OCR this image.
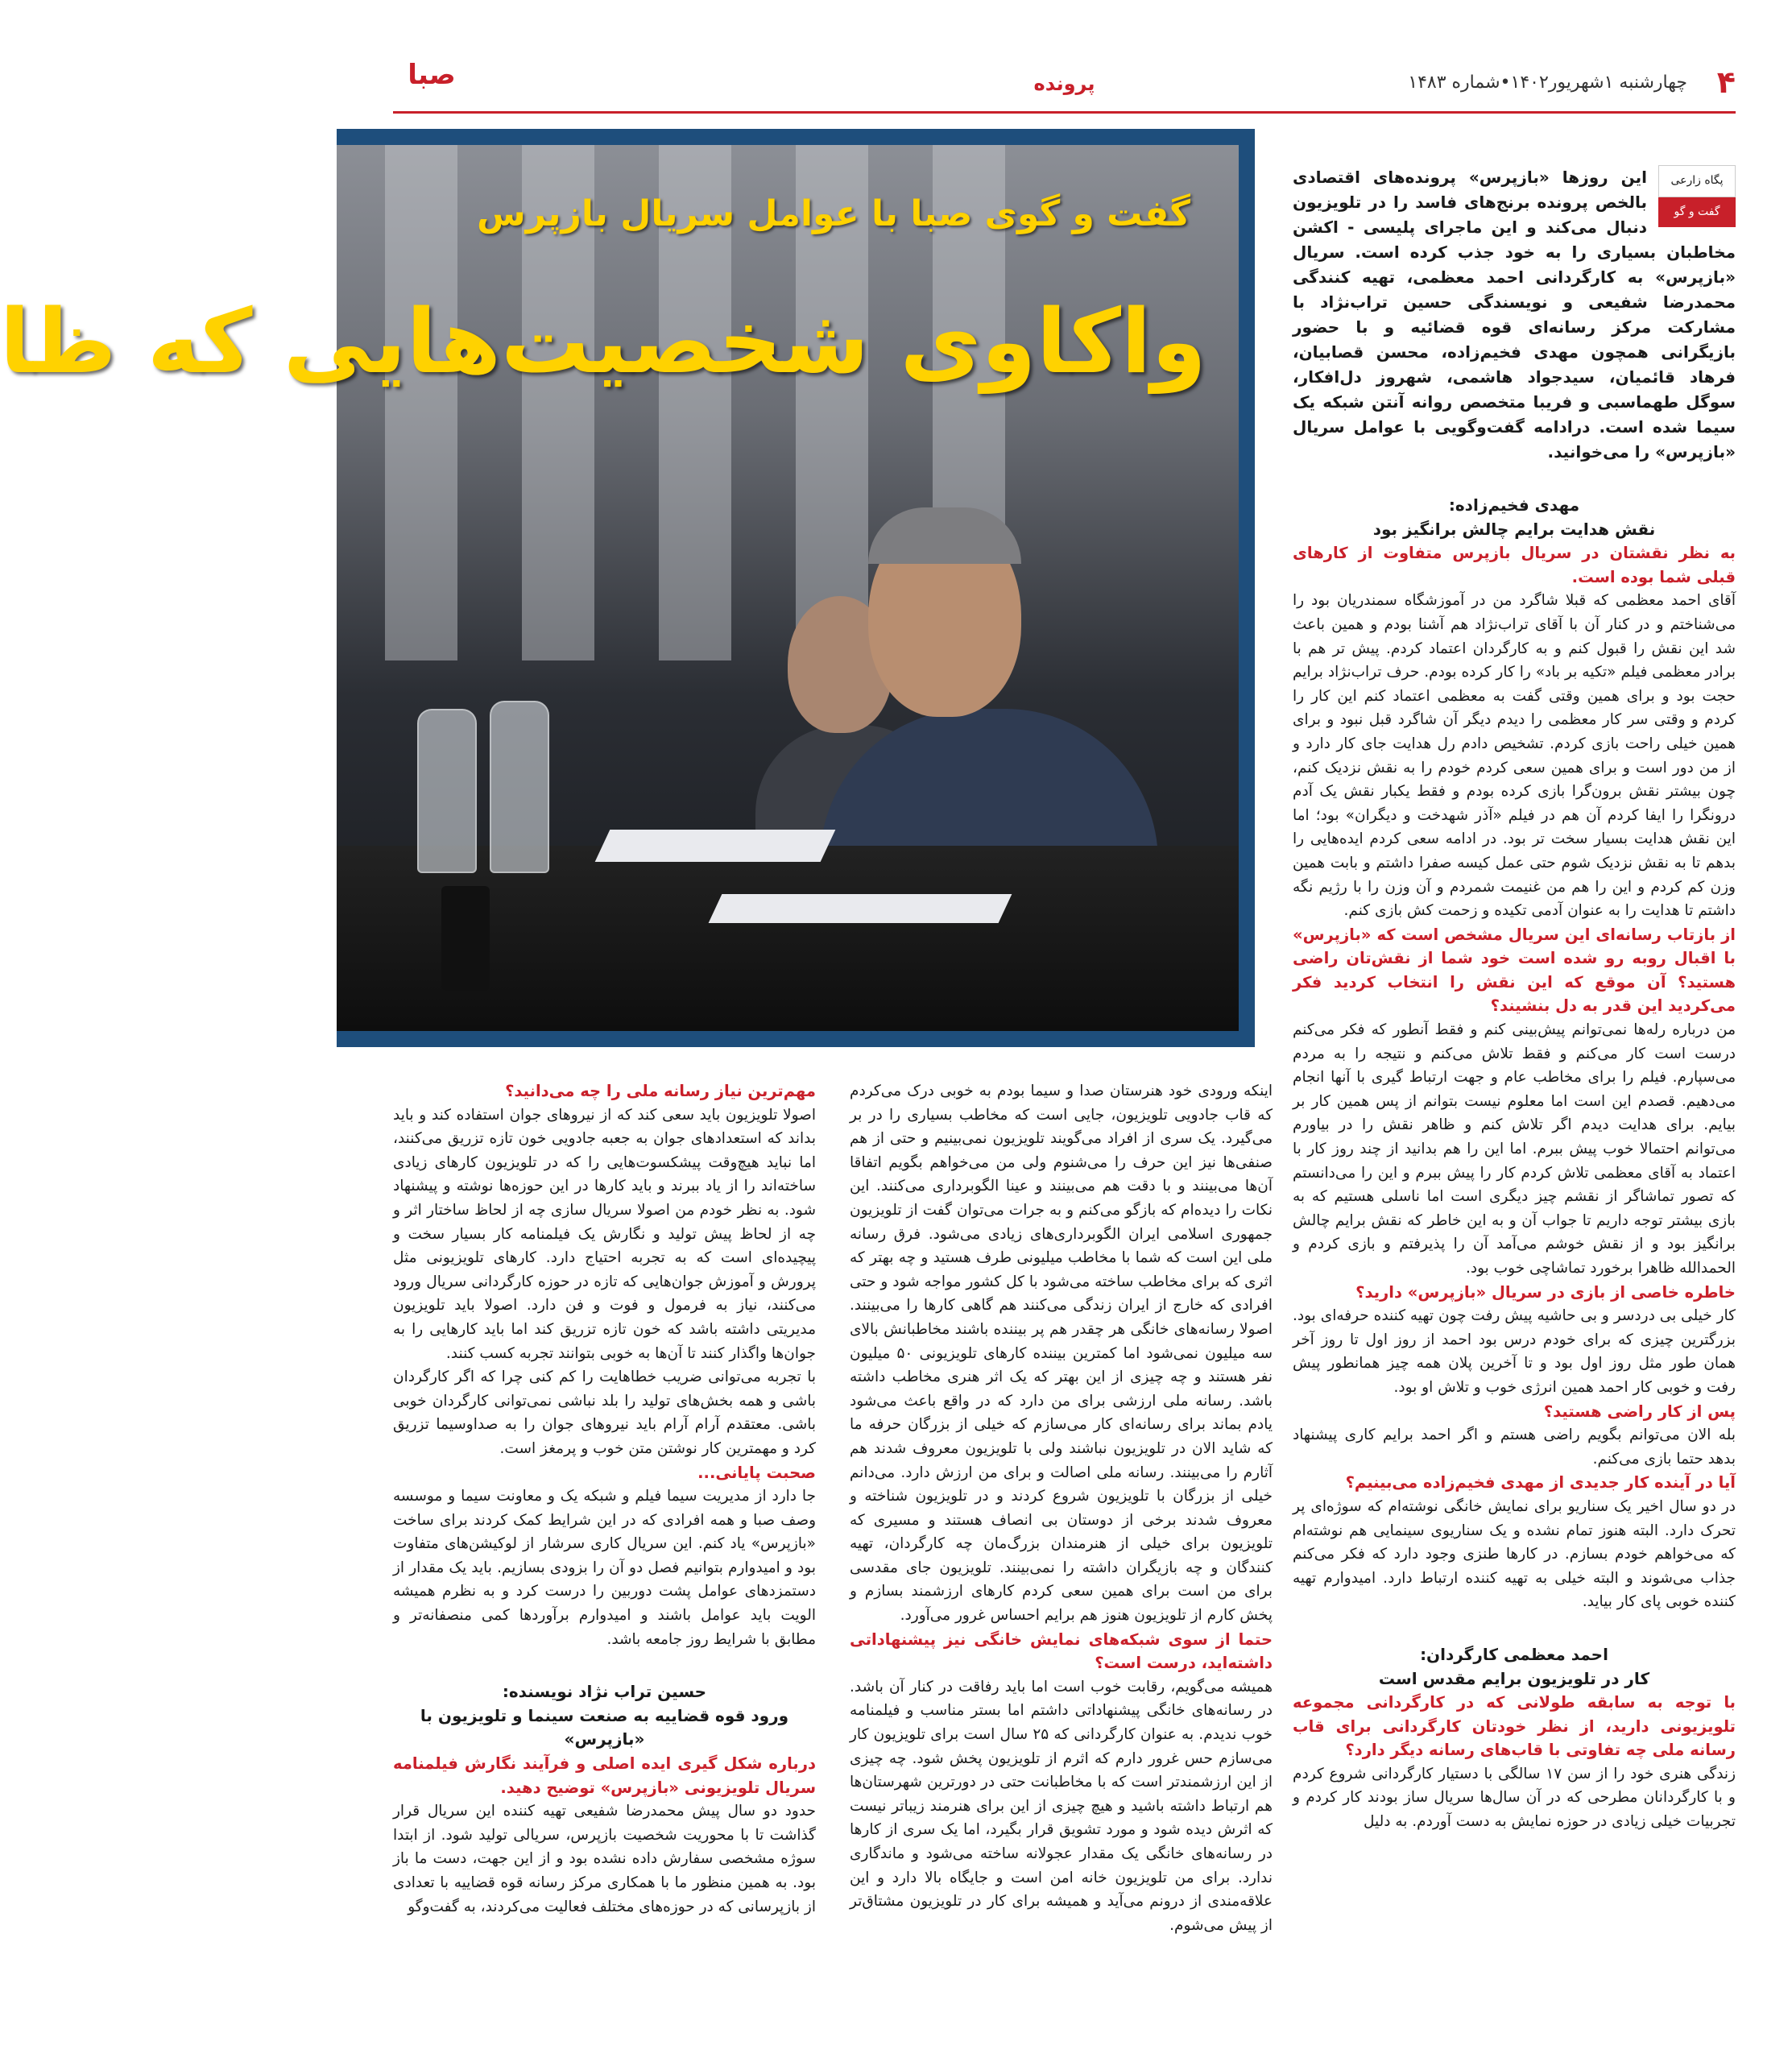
۴
چهارشنبه ۱شهریور۱۴۰۲•شماره ۱۴۸۳
پرونده
صبا

گفت و گوی صبا با عوامل سریال بازپرس
واکاوی شخصیت‌هایی که ظا
پگاه زارعی
گفت و گو

این روزها «بازپرس» پرونده‌های اقتصادی بالخص پرونده برنج‌های فاسد را در تلویزیون دنبال می‌کند و این ماجرای پلیسی - اکشن مخاطبان بسیاری را به خود جذب کرده است. سریال «بازپرس» به کارگردانی احمد معظمی، تهیه کنندگی محمدرضا شفیعی و نویسندگی حسین تراب‌نژاد با مشارکت مرکز رسانه‌ای قوه قضائیه و با حضور بازیگرانی همچون مهدی فخیم‌زاده، محسن قصابیان، فرهاد قائمیان، سیدجواد هاشمی، شهروز دل‌افکار، سوگل طهماسبی و فریبا متخصص روانه آنتن شبکه یک سیما شده است. درادامه گفت‌وگویی با عوامل سریال «بازپرس» را می‌خوانید.

مهدی فخیم‌زاده:

نقش هدایت برایم چالش برانگیز بود

به نظر نقشتان در سریال بازپرس متفاوت از کارهای قبلی شما بوده است.

آقای احمد معظمی که قبلا شاگرد من در آموزشگاه سمندریان بود را می‌شناختم و در کنار آن با آقای تراب‌نژاد هم آشنا بودم و همین باعث شد این نقش را قبول کنم و به کارگردان اعتماد کردم. پیش تر هم با برادر معظمی فیلم «تکیه بر باد» را کار کرده بودم. حرف تراب‌نژاد برایم حجت بود و برای همین وقتی گفت به معظمی اعتماد کنم این کار را کردم و وقتی سر کار معظمی را دیدم دیگر آن شاگرد قبل نبود و برای همین خیلی راحت بازی کردم. تشخیص دادم رل هدایت جای کار دارد و از من دور است و برای همین سعی کردم خودم را به نقش نزدیک کنم، چون بیشتر نقش برون‌گرا بازی کرده بودم و فقط یکبار نقش یک آدم درونگرا را ایفا کردم آن هم در فیلم «آذر شهدخت و دیگران» بود؛ اما این نقش هدایت بسیار سخت تر بود. در ادامه سعی کردم ایده‌هایی را بدهم تا به نقش نزدیک شوم حتی عمل کیسه صفرا داشتم و بابت همین وزن کم کردم و این را هم من غنیمت شمردم و آن وزن را با رژیم نگه داشتم تا هدایت را به عنوان آدمی تکیده و زحمت کش بازی کنم.

از بازتاب رسانه‌ای این سریال مشخص است که «بازپرس» با اقبال روبه رو شده است خود شما از نقش‌تان راضی هستید؟ آن موقع که این نقش را انتخاب کردید فکر می‌کردید این قدر به دل بنشیند؟

من درباره رله‌ها نمی‌توانم پیش‌بینی کنم و فقط آنطور که فکر می‌کنم درست است کار می‌کنم و فقط تلاش می‌کنم و نتیجه را به مردم می‌سپارم. فیلم را برای مخاطب عام و جهت ارتباط گیری با آنها انجام می‌دهیم. قصدم این است اما معلوم نیست بتوانم از پس همین کار بر بیایم. برای هدایت دیدم اگر تلاش کنم و ظاهر نقش را در بیاورم می‌توانم احتمالا خوب پیش ببرم. اما این را هم بدانید از چند روز کار با اعتماد به آقای معظمی تلاش کردم کار را پیش ببرم و این را می‌دانستم که تصور تماشاگر از نقشم چیز دیگری است اما ناسلی هستیم که به بازی بیشتر توجه داریم تا جواب آن و به این خاطر که نقش برایم چالش برانگیز بود و از نقش خوشم می‌آمد آن را پذیرفتم و بازی کردم و الحمدالله ظاهرا برخورد تماشاچی خوب بود.

خاطره خاصی از بازی در سریال «بازپرس» دارید؟

کار خیلی بی دردسر و بی حاشیه پیش رفت چون تهیه کننده حرفه‌ای بود. بزرگترین چیزی که برای خودم درس بود احمد از روز اول تا روز آخر همان طور مثل روز اول بود و تا آخرین پلان همه چیز همانطور پیش رفت و خوبی کار احمد همین انرژی خوب و تلاش او بود.

پس از کار راضی هستید؟

بله الان می‌توانم بگویم راضی هستم و اگر احمد برایم کاری پیشنهاد بدهد حتما بازی می‌کنم.

آیا در آینده کار جدیدی از مهدی فخیم‌زاده می‌بینیم؟

در دو سال اخیر یک سناریو برای نمایش خانگی نوشته‌ام که سوژه‌ای پر تحرک دارد. البته هنوز تمام نشده و یک سناریوی سینمایی هم نوشته‌ام که می‌خواهم خودم بسازم. در کارها طنزی وجود دارد که فکر می‌کنم جذاب می‌شوند و البته خیلی به تهیه کننده ارتباط دارد. امیدوارم تهیه کننده خوبی پای کار بیاید.

احمد معظمی کارگردان:

کار در تلویزیون برایم مقدس است

با توجه به سابقه طولانی که در کارگردانی مجموعه تلویزیونی دارید، از نظر خودتان کارگردانی برای قاب رسانه ملی چه تفاوتی با قاب‌های رسانه دیگر دارد؟

زندگی هنری خود را از سن ۱۷ سالگی با دستیار کارگردانی شروع کردم و با کارگردانان مطرحی که در آن سال‌ها سریال ساز بودند کار کردم و تجربیات خیلی زیادی در حوزه نمایش به دست آوردم. به دلیل

اینکه ورودی خود هنرستان صدا و سیما بودم به خوبی درک می‌کردم که قاب جادویی تلویزیون، جایی است که مخاطب بسیاری را در بر می‌گیرد. یک سری از افراد می‌گویند تلویزیون نمی‌بینیم و حتی از هم صنفی‌ها نیز این حرف را می‌شنوم ولی من می‌خواهم بگویم اتفاقا آن‌ها می‌بینند و با دقت هم می‌بینند و عینا الگوبرداری می‌کنند. این نکات را دیده‌ام که بازگو می‌کنم و به جرات می‌توان گفت از تلویزیون جمهوری اسلامی ایران الگوبرداری‌های زیادی می‌شود. فرق رسانه ملی این است که شما با مخاطب میلیونی طرف هستید و چه بهتر که اثری که برای مخاطب ساخته می‌شود با کل کشور مواجه شود و حتی افرادی که خارج از ایران زندگی می‌کنند هم گاهی کارها را می‌بینند. اصولا رسانه‌های خانگی هر چقدر هم پر بیننده باشند مخاطبانش بالای سه میلیون نمی‌شود اما کمترین بیننده کارهای تلویزیونی ۵۰ میلیون نفر هستند و چه چیزی از این بهتر که یک اثر هنری مخاطب داشته باشد. رسانه ملی ارزشی برای من دارد که در واقع باعث می‌شود یادم بماند برای رسانه‌ای کار می‌سازم که خیلی از بزرگان حرفه ما که شاید الان در تلویزیون نباشند ولی با تلویزیون معروف شدند هم آثارم را می‌بینند. رسانه ملی اصالت و برای من ارزش دارد. می‌دانم خیلی از بزرگان با تلویزیون شروع کردند و در تلویزیون شناخته و معروف شدند برخی از دوستان بی انصاف هستند و مسیری که تلویزیون برای خیلی از هنرمندان بزرگ‌مان چه کارگردان، تهیه کنندگان و چه بازیگران داشته را نمی‌بینند. تلویزیون جای مقدسی برای من است برای همین سعی کردم کارهای ارزشمند بسازم و پخش کارم از تلویزیون هنوز هم برایم احساس غرور می‌آورد.

حتما از سوی شبکه‌های نمایش خانگی نیز پیشنهاداتی داشته‌اید، درست است؟

همیشه می‌گویم، رقابت خوب است اما باید رفاقت در کنار آن باشد. در رسانه‌های خانگی پیشنهاداتی داشتم اما بستر مناسب و فیلمنامه خوب ندیدم. به عنوان کارگردانی که ۲۵ سال است برای تلویزیون کار می‌سازم حس غرور دارم که اثرم از تلویزیون پخش شود. چه چیزی از این ارزشمندتر است که با مخاطبانت حتی در دورترین شهرستان‌ها هم ارتباط داشته باشید و هیچ چیزی از این برای هنرمند زیباتر نیست که اثرش دیده شود و مورد تشویق قرار بگیرد، اما یک سری از کارها در رسانه‌های خانگی یک مقدار عجولانه ساخته می‌شود و ماندگاری ندارد. برای من تلویزیون خانه امن است و جایگاه بالا دارد و این علاقه‌مندی از درونم می‌آید و همیشه برای کار در تلویزیون مشتاق‌تر از پیش می‌شوم.

مهم‌ترین نیاز رسانه ملی را چه می‌دانید؟

اصولا تلویزیون باید سعی کند که از نیروهای جوان استفاده کند و باید بداند که استعدادهای جوان به جعبه جادویی خون تازه تزریق می‌کنند، اما نباید هیچ‌وقت پیشکسوت‌هایی را که در تلویزیون کارهای زیادی ساخته‌اند را از یاد ببرند و باید کارها در این حوزه‌ها نوشته و پیشنهاد شود. به نظر خودم من اصولا سریال سازی چه از لحاظ ساختار اثر و چه از لحاظ پیش تولید و نگارش یک فیلمنامه کار بسیار سخت و پیچیده‌ای است که به تجربه احتیاج دارد. کارهای تلویزیونی مثل پرورش و آموزش جوان‌هایی که تازه در حوزه کارگردانی سریال ورود می‌کنند، نیاز به فرمول و فوت و فن دارد. اصولا باید تلویزیون مدیریتی داشته باشد که خون تازه تزریق کند اما باید کارهایی را به جوان‌ها واگذار کنند تا آن‌ها به خوبی بتوانند تجربه کسب کنند.

با تجربه می‌توانی ضریب خطاهایت را کم کنی چرا که اگر کارگردان باشی و همه بخش‌های تولید را بلد نباشی نمی‌توانی کارگردان خوبی باشی. معتقدم آرام آرام باید نیروهای جوان را به صداوسیما تزریق کرد و مهمترین کار نوشتن متن خوب و پرمغز است.

صحبت پایانی...

جا دارد از مدیریت سیما فیلم و شبکه یک و معاونت سیما و موسسه وصف صبا و همه افرادی که در این شرایط کمک کردند برای ساخت «بازپرس» یاد کنم. این سریال کاری سرشار از لوکیشن‌های متفاوت بود و امیدوارم بتوانیم فصل دو آن را بزودی بسازیم. باید یک مقدار از دستمزدهای عوامل پشت دوربین را درست کرد و به نظرم همیشه الویت باید عوامل باشند و امیدوارم برآوردها کمی منصفانه‌تر و مطابق با شرایط روز جامعه باشد.

حسین تراب نژاد نویسنده:

ورود قوه قضاییه به صنعت سینما و تلویزیون با «بازپرس»

درباره شکل گیری ایده اصلی و فرآیند نگارش فیلمنامه سریال تلویزیونی «بازپرس» توضیح دهید.

حدود دو سال پیش محمدرضا شفیعی تهیه کننده این سریال قرار گذاشت تا با محوریت شخصیت بازپرس، سریالی تولید شود. از ابتدا سوژه مشخصی سفارش داده نشده بود و از این جهت، دست ما باز بود. به همین منظور ما با همکاری مرکز رسانه قوه قضاییه با تعدادی از بازپرسانی که در حوزه‌های مختلف فعالیت می‌کردند، به گفت‌وگو
